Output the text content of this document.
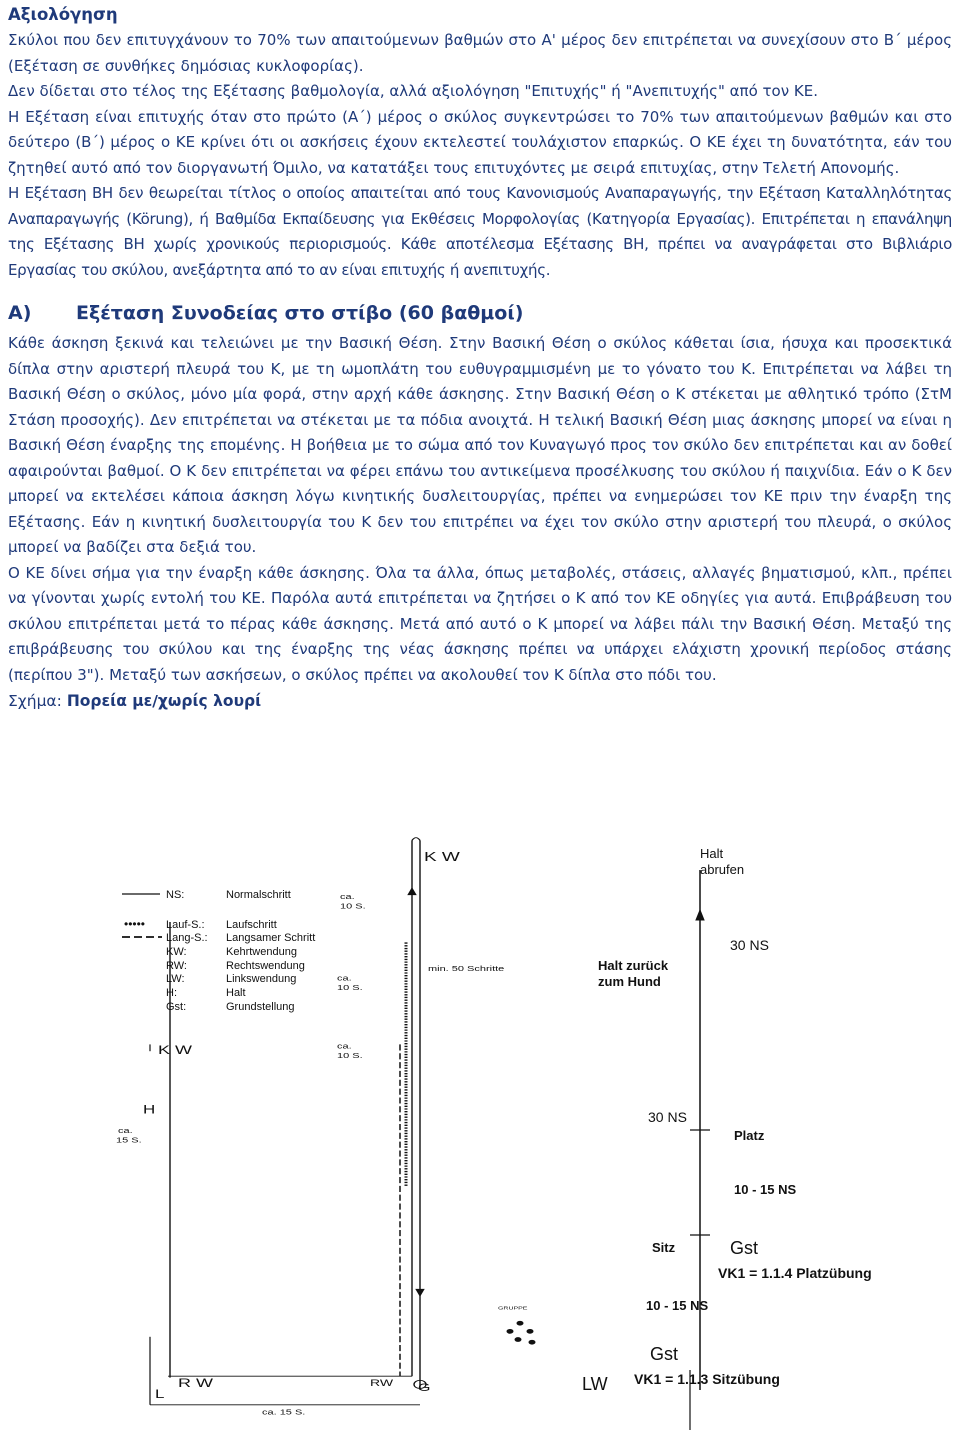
Αξιολόγηση

Σκύλοι που δεν επιτυγχάνουν το 70% των απαιτούμενων βαθμών στο Α' μέρος δεν επιτρέπεται να συνεχίσουν στο Β΄ μέρος (Εξέταση σε συνθήκες δημόσιας κυκλοφορίας).

Δεν δίδεται στο τέλος της Εξέτασης βαθμολογία, αλλά αξιολόγηση "Επιτυχής" ή "Ανεπιτυχής" από τον ΚΕ.

Η Εξέταση είναι επιτυχής όταν στο πρώτο (Α΄) μέρος ο σκύλος συγκεντρώσει το 70% των απαιτούμενων βαθμών και στο δεύτερο (Β΄) μέρος ο ΚΕ κρίνει ότι οι ασκήσεις έχουν εκτελεστεί τουλάχιστον επαρκώς. Ο ΚΕ έχει τη δυνατότητα, εάν του ζητηθεί αυτό από τον διοργανωτή Όμιλο, να κατατάξει τους επιτυχόντες με σειρά επιτυχίας, στην Τελετή Απονομής.

Η Εξέταση ΒΗ δεν θεωρείται τίτλος ο οποίος απαιτείται από τους Κανονισμούς Αναπαραγωγής, την Εξέταση Καταλληλότητας Αναπαραγωγής (Körung), ή Βαθμίδα Εκπαίδευσης για Εκθέσεις Μορφολογίας (Κατηγορία Εργασίας). Επιτρέπεται η επανάληψη της Εξέτασης ΒΗ χωρίς χρονικούς περιορισμούς. Κάθε αποτέλεσμα Εξέτασης ΒΗ, πρέπει να αναγράφεται στο Βιβλιάριο Εργασίας του σκύλου, ανεξάρτητα από το αν είναι επιτυχής ή ανεπιτυχής.

A) Εξέταση Συνοδείας στο στίβο (60 βαθμοί)

Κάθε άσκηση ξεκινά και τελειώνει με την Βασική Θέση. Στην Βασική Θέση ο σκύλος κάθεται ίσια, ήσυχα και προσεκτικά δίπλα στην αριστερή πλευρά του Κ, με τη ωμοπλάτη του ευθυγραμμισμένη με το γόνατο του Κ. Επιτρέπεται να λάβει τη Βασική Θέση ο σκύλος, μόνο μία φορά, στην αρχή κάθε άσκησης. Στην Βασική Θέση ο Κ στέκεται με αθλητικό τρόπο (ΣτΜ Στάση προσοχής). Δεν επιτρέπεται να στέκεται με τα πόδια ανοιχτά. Η τελική Βασική Θέση μιας άσκησης μπορεί να είναι η Βασική Θέση έναρξης της επομένης. Η βοήθεια με το σώμα από τον Κυναγωγό προς τον σκύλο δεν επιτρέπεται και αν δοθεί αφαιρούνται βαθμοί. Ο Κ δεν επιτρέπεται να φέρει επάνω του αντικείμενα προσέλκυσης του σκύλου ή παιχνίδια. Εάν ο Κ δεν μπορεί να εκτελέσει κάποια άσκηση λόγω κινητικής δυσλειτουργίας, πρέπει να ενημερώσει τον ΚΕ πριν την έναρξη της Εξέτασης. Εάν η κινητική δυσλειτουργία του Κ δεν του επιτρέπει να έχει τον σκύλο στην αριστερή του πλευρά, ο σκύλος μπορεί να βαδίζει στα δεξιά του.

Ο ΚΕ δίνει σήμα για την έναρξη κάθε άσκησης. Όλα τα άλλα, όπως μεταβολές, στάσεις, αλλαγές βηματισμού, κλπ., πρέπει να γίνονται χωρίς εντολή του ΚΕ. Παρόλα αυτά επιτρέπεται να ζητήσει ο Κ από τον ΚΕ οδηγίες για αυτά. Επιβράβευση του σκύλου επιτρέπεται μετά το πέρας κάθε άσκησης. Μετά από αυτό ο Κ μπορεί να λάβει πάλι την Βασική Θέση. Μεταξύ της επιβράβευσης του σκύλου και της έναρξης της νέας άσκησης πρέπει να υπάρχει ελάχιστη χρονική περίοδος στάσης (περίπου 3"). Μεταξύ των ασκήσεων, ο σκύλος πρέπει να ακολουθεί τον Κ δίπλα στο πόδι του.

Σχήμα: Πορεία με/χωρίς λουρί
NS:	Normalschritt
••••• Lauf-S.: Laufschritt
Lang-S.: Langsamer Schritt
KW:	Kehrtwendung
RW:	Rechtswendung
LW:	Linkswendung
H:	Halt
Gst:	Grundstellung
K W
ca.
10 S.
ca.
10 S.
min. 50 Schritte
ca.
10 S.
K W
H
ca.
15 S.
GRUPPE
R W
L
RW G
ca. 15 S.
Halt
abrufen
30 NS
Halt zurück
zum Hund
30 NS
Platz
10 - 15 NS
Sitz	Gst
VK1 = 1.1.4 Platzübung
10 - 15 NS
Gst
LW VK1 = 1.1.3 Sitzübung
